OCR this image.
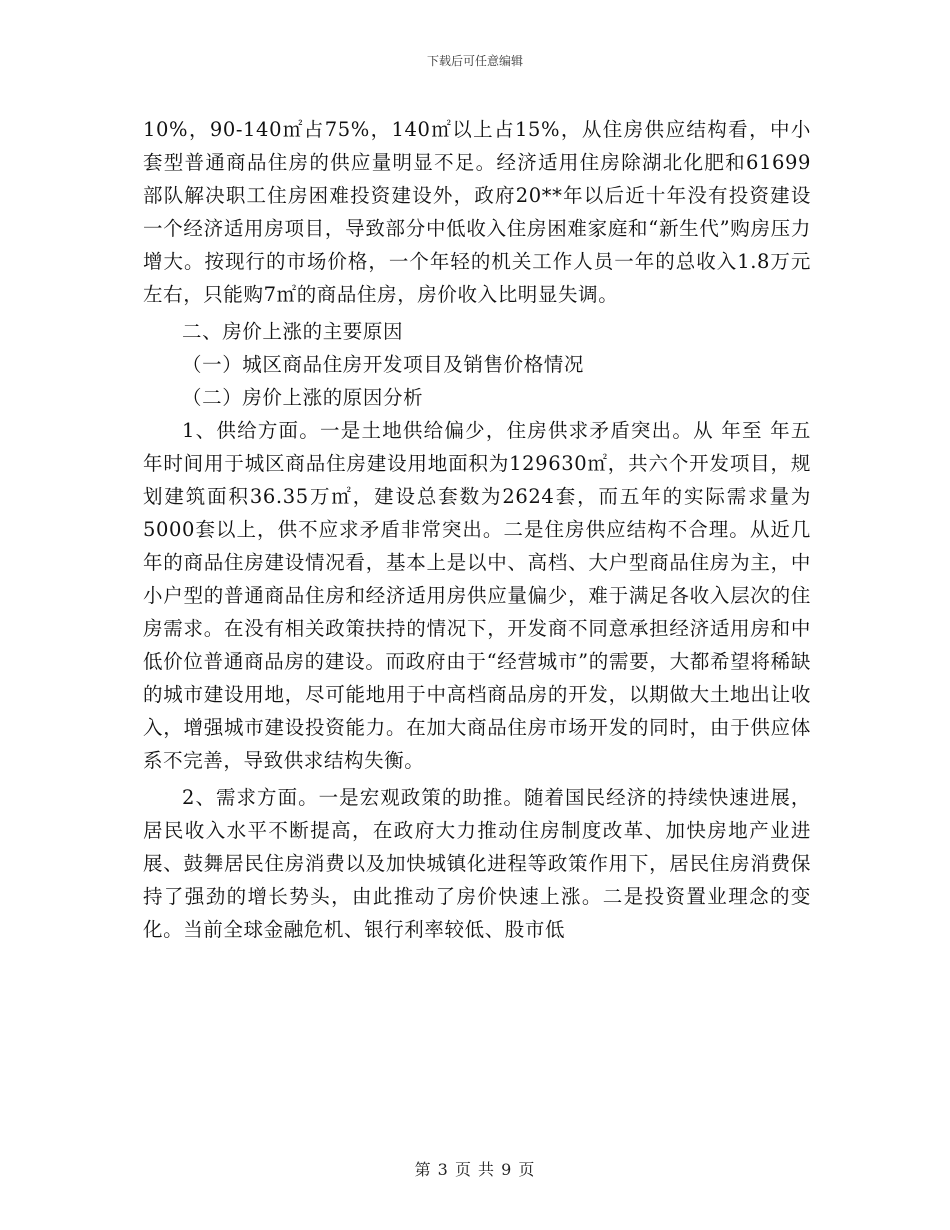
下载后可任意编辑

10%，90-140㎡占75%，140㎡以上占15%，从住房供应结构看，中小套型普通商品住房的供应量明显不足。经济适用住房除湖北化肥和61699部队解决职工住房困难投资建设外，政府20**年以后近十年没有投资建设一个经济适用房项目，导致部分中低收入住房困难家庭和“新生代”购房压力增大。按现行的市场价格，一个年轻的机关工作人员一年的总收入1.8万元左右，只能购7㎡的商品住房，房价收入比明显失调。

二、房价上涨的主要原因

（一）城区商品住房开发项目及销售价格情况

（二）房价上涨的原因分析

1、供给方面。一是土地供给偏少，住房供求矛盾突出。从 年至 年五年时间用于城区商品住房建设用地面积为129630㎡，共六个开发项目，规划建筑面积36.35万㎡，建设总套数为2624套，而五年的实际需求量为5000套以上，供不应求矛盾非常突出。二是住房供应结构不合理。从近几年的商品住房建设情况看，基本上是以中、高档、大户型商品住房为主，中小户型的普通商品住房和经济适用房供应量偏少，难于满足各收入层次的住房需求。在没有相关政策扶持的情况下，开发商不同意承担经济适用房和中低价位普通商品房的建设。而政府由于“经营城市”的需要，大都希望将稀缺的城市建设用地，尽可能地用于中高档商品房的开发，以期做大土地出让收入，增强城市建设投资能力。在加大商品住房市场开发的同时，由于供应体系不完善，导致供求结构失衡。

2、需求方面。一是宏观政策的助推。随着国民经济的持续快速进展，居民收入水平不断提高，在政府大力推动住房制度改革、加快房地产业进展、鼓舞居民住房消费以及加快城镇化进程等政策作用下，居民住房消费保持了强劲的增长势头，由此推动了房价快速上涨。二是投资置业理念的变化。当前全球金融危机、银行利率较低、股市低

第 3 页 共 9 页
